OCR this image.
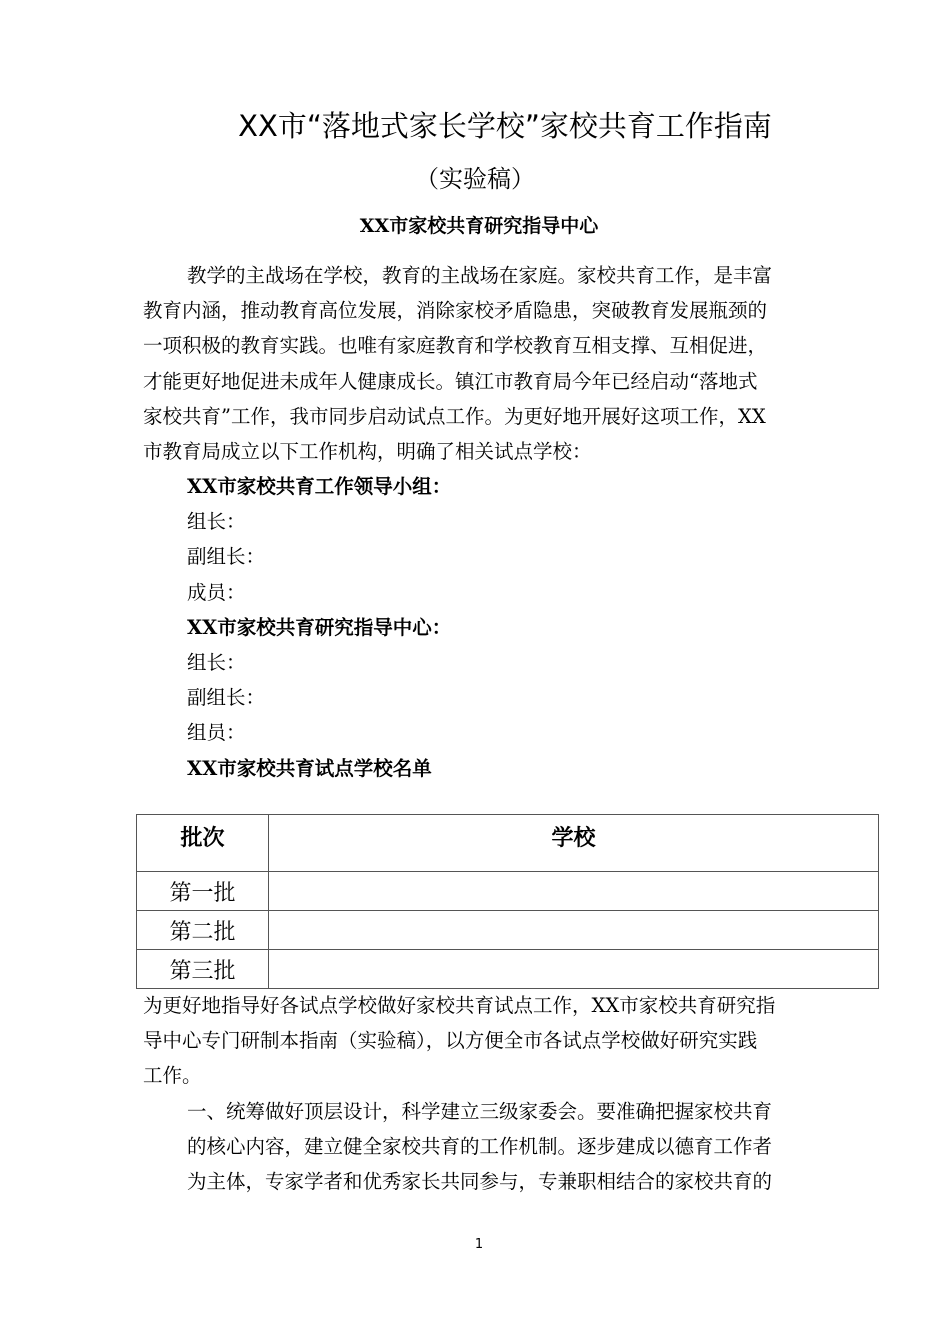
XX市“落地式家长学校”家校共育工作指南
（实验稿）
XX市家校共育研究指导中心
教学的主战场在学校，教育的主战场在家庭。家校共育工作，是丰富
教育内涵，推动教育高位发展，消除家校矛盾隐患，突破教育发展瓶颈的
一项积极的教育实践。也唯有家庭教育和学校教育互相支撑、互相促进，
才能更好地促进未成年人健康成长。镇江市教育局今年已经启动“落地式
家校共育”工作，我市同步启动试点工作。为更好地开展好这项工作，XX
市教育局成立以下工作机构，明确了相关试点学校：
XX市家校共育工作领导小组：
组长：
副组长：
成员：
XX市家校共育研究指导中心：
组长：
副组长：
组员：
XX市家校共育试点学校名单
批次	学校
第一批	
第二批	
第三批	
为更好地指导好各试点学校做好家校共育试点工作，XX市家校共育研究指
导中心专门研制本指南（实验稿），以方便全市各试点学校做好研究实践
工作。
一、统筹做好顶层设计，科学建立三级家委会。要准确把握家校共育
的核心内容，建立健全家校共育的工作机制。逐步建成以德育工作者
为主体，专家学者和优秀家长共同参与，专兼职相结合的家校共育的
1
